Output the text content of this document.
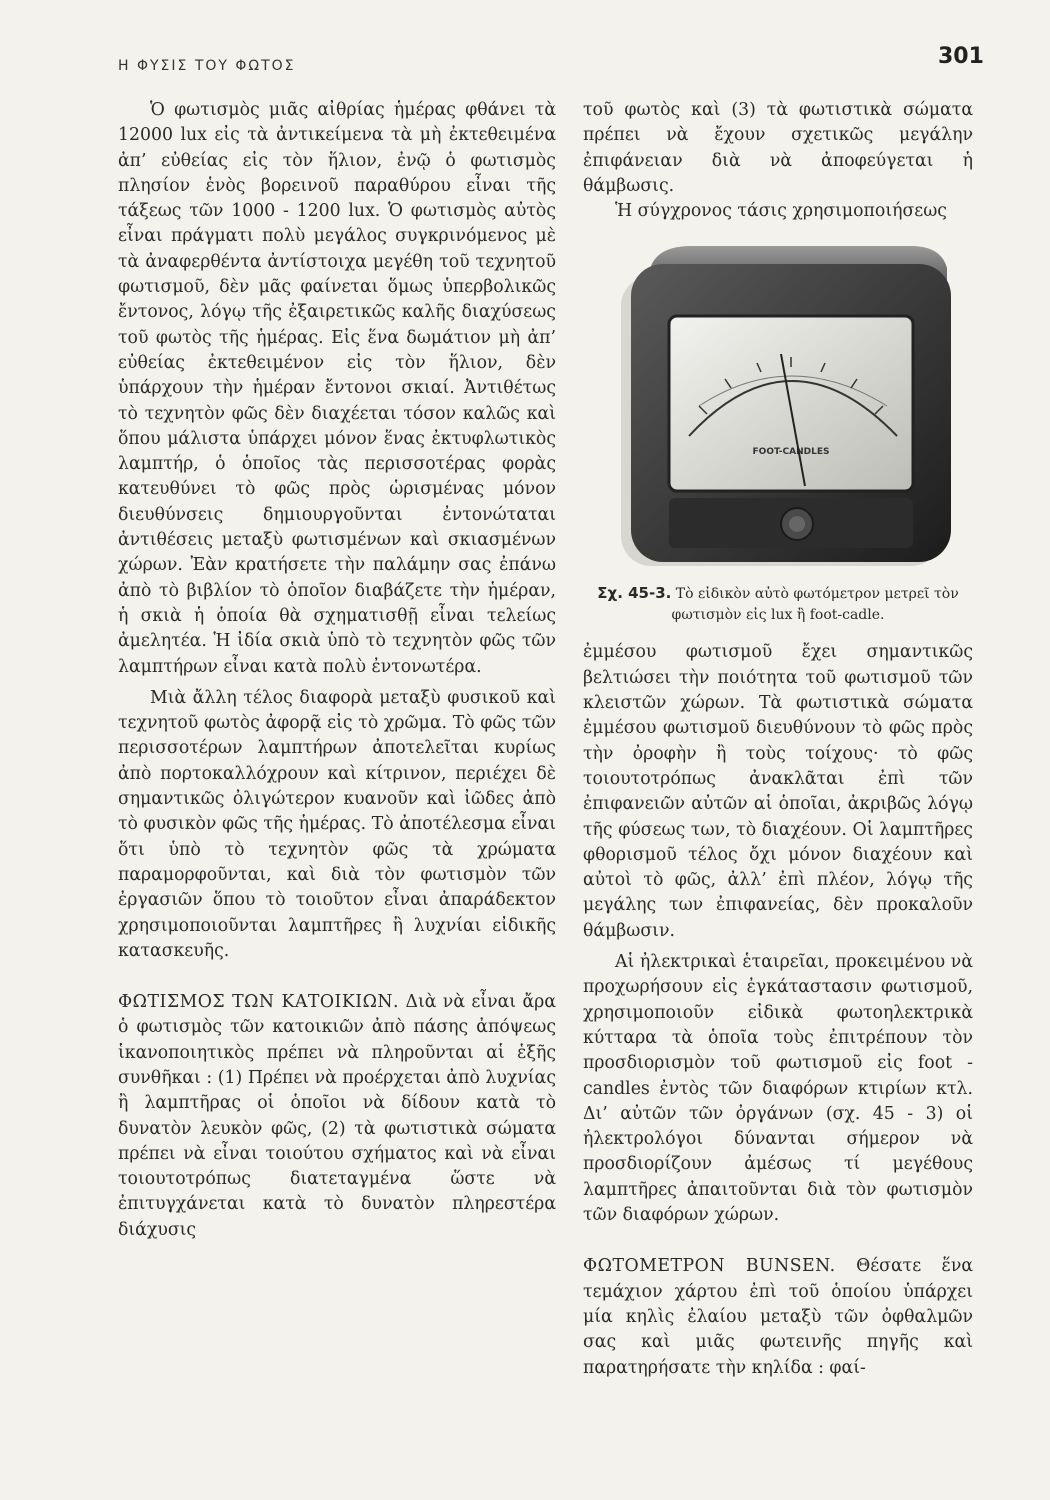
Η ΦΥΣΙΣ ΤΟΥ ΦΩΤΟΣ	301

Ὁ φωτισμὸς μιᾶς αἰθρίας ἡμέρας φθάνει τὰ 12000 lux εἰς τὰ ἀντικείμενα τὰ μὴ ἐκτεθειμένα ἀπ’ εὐθείας εἰς τὸν ἥλιον, ἐνῷ ὁ φωτισμὸς πλησίον ἑνὸς βορεινοῦ παραθύρου εἶναι τῆς τάξεως τῶν 1000 - 1200 lux. Ὁ φωτισμὸς αὐτὸς εἶναι πράγματι πολὺ μεγάλος συγκρινόμενος μὲ τὰ ἀναφερθέντα ἀντίστοιχα μεγέθη τοῦ τεχνητοῦ φωτισμοῦ, δὲν μᾶς φαίνεται ὅμως ὑπερβολικῶς ἔντονος, λόγῳ τῆς ἐξαιρετικῶς καλῆς διαχύσεως τοῦ φωτὸς τῆς ἡμέρας. Εἰς ἕνα δωμάτιον μὴ ἀπ’ εὐθείας ἐκτεθειμένον εἰς τὸν ἥλιον, δὲν ὑπάρχουν τὴν ἡμέραν ἔντονοι σκιαί. Ἀντιθέτως τὸ τεχνητὸν φῶς δὲν διαχέεται τόσον καλῶς καὶ ὅπου μάλιστα ὑπάρχει μόνον ἕνας ἐκτυφλωτικὸς λαμπτήρ, ὁ ὁποῖος τὰς περισσοτέρας φορὰς κατευθύνει τὸ φῶς πρὸς ὡρισμένας μόνον διευθύνσεις δημιουργοῦνται ἐντονώταται ἀντιθέσεις μεταξὺ φωτισμένων καὶ σκιασμένων χώρων. Ἐὰν κρατήσετε τὴν παλάμην σας ἐπάνω ἀπὸ τὸ βιβλίον τὸ ὁποῖον διαβάζετε τὴν ἡμέραν, ἡ σκιὰ ἡ ὁποία θὰ σχηματισθῇ εἶναι τελείως ἀμελητέα. Ἡ ἰδία σκιὰ ὑπὸ τὸ τεχνητὸν φῶς τῶν λαμπτήρων εἶναι κατὰ πολὺ ἐντονωτέρα.

Μιὰ ἄλλη τέλος διαφορὰ μεταξὺ φυσικοῦ καὶ τεχνητοῦ φωτὸς ἀφορᾷ εἰς τὸ χρῶμα. Τὸ φῶς τῶν περισσοτέρων λαμπτήρων ἀποτελεῖται κυρίως ἀπὸ πορτοκαλλόχρουν καὶ κίτρινον, περιέχει δὲ σημαντικῶς ὀλιγώτερον κυανοῦν καὶ ἰῶδες ἀπὸ τὸ φυσικὸν φῶς τῆς ἡμέρας. Τὸ ἀποτέλεσμα εἶναι ὅτι ὑπὸ τὸ τεχνητὸν φῶς τὰ χρώματα παραμορφοῦνται, καὶ διὰ τὸν φωτισμὸν τῶν ἐργασιῶν ὅπου τὸ τοιοῦτον εἶναι ἀπαράδεκτον χρησιμοποιοῦνται λαμπτῆρες ἢ λυχνίαι εἰδικῆς κατασκευῆς.

ΦΩΤΙΣΜΟΣ ΤΩΝ ΚΑΤΟΙΚΙΩΝ. Διὰ νὰ εἶναι ἄρα ὁ φωτισμὸς τῶν κατοικιῶν ἀπὸ πάσης ἀπόψεως ἱκανοποιητικὸς πρέπει νὰ πληροῦνται αἱ ἑξῆς συνθῆκαι : (1) Πρέπει νὰ προέρχεται ἀπὸ λυχνίας ἢ λαμπτῆρας οἱ ὁποῖοι νὰ δίδουν κατὰ τὸ δυνατὸν λευκὸν φῶς, (2) τὰ φωτιστικὰ σώματα πρέπει νὰ εἶναι τοιούτου σχήματος καὶ νὰ εἶναι τοιουτοτρόπως διατεταγμένα ὥστε νὰ ἐπιτυγχάνεται κατὰ τὸ δυνατὸν πληρεστέρα διάχυσις

τοῦ φωτὸς καὶ (3) τὰ φωτιστικὰ σώματα πρέπει νὰ ἔχουν σχετικῶς μεγάλην ἐπιφάνειαν διὰ νὰ ἀποφεύγεται ἡ θάμβωσις.

Ἡ σύγχρονος τάσις χρησιμοποιήσεως

FOOT-CANDLES

Σχ. 45-3. Τὸ εἰδικὸν αὐτὸ φωτόμετρον μετρεῖ τὸν φωτισμὸν εἰς lux ἢ foot-cadle.

ἐμμέσου φωτισμοῦ ἔχει σημαντικῶς βελτιώσει τὴν ποιότητα τοῦ φωτισμοῦ τῶν κλειστῶν χώρων. Τὰ φωτιστικὰ σώματα ἐμμέσου φωτισμοῦ διευθύνουν τὸ φῶς πρὸς τὴν ὀροφὴν ἢ τοὺς τοίχους· τὸ φῶς τοιουτοτρόπως ἀνακλᾶται ἐπὶ τῶν ἐπιφανειῶν αὐτῶν αἱ ὁποῖαι, ἀκριβῶς λόγῳ τῆς φύσεως των, τὸ διαχέουν. Οἱ λαμπτῆρες φθορισμοῦ τέλος ὄχι μόνον διαχέουν καὶ αὐτοὶ τὸ φῶς, ἀλλ’ ἐπὶ πλέον, λόγῳ τῆς μεγάλης των ἐπιφανείας, δὲν προκαλοῦν θάμβωσιν.

Αἱ ἠλεκτρικαὶ ἑταιρεῖαι, προκειμένου νὰ προχωρήσουν εἰς ἐγκάταστασιν φωτισμοῦ, χρησιμοποιοῦν εἰδικὰ φωτοηλεκτρικὰ κύτταρα τὰ ὁποῖα τοὺς ἐπιτρέπουν τὸν προσδιορισμὸν τοῦ φωτισμοῦ εἰς foot - candles ἐντὸς τῶν διαφόρων κτιρίων κτλ. Δι’ αὐτῶν τῶν ὀργάνων (σχ. 45 - 3) οἱ ἠλεκτρολόγοι δύνανται σήμερον νὰ προσδιορίζουν ἀμέσως τί μεγέθους λαμπτῆρες ἀπαιτοῦνται διὰ τὸν φωτισμὸν τῶν διαφόρων χώρων.

ΦΩΤΟΜΕΤΡΟΝ BUNSEN. Θέσατε ἕνα τεμάχιον χάρτου ἐπὶ τοῦ ὁποίου ὑπάρχει μία κηλὶς ἐλαίου μεταξὺ τῶν ὀφθαλμῶν σας καὶ μιᾶς φωτεινῆς πηγῆς καὶ παρατηρήσατε τὴν κηλίδα : φαί-
